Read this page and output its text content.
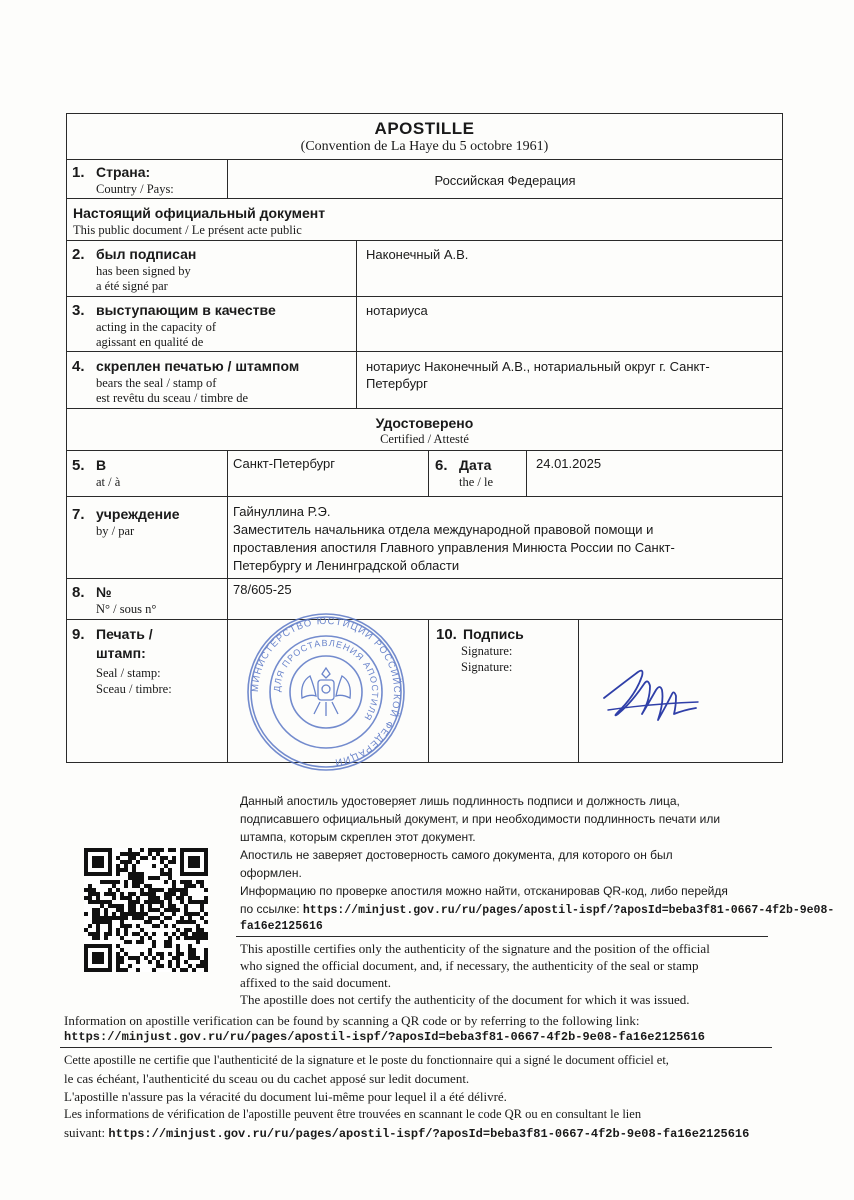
APOSTILLE
(Convention de La Haye du 5 octobre 1961)
1. Страна:
Country / Pays:
Российская Федерация
Настоящий официальный документ
This public document / Le présent acte public
2. был подписан
has been signed by
a été signé par
Наконечный А.В.
3. выступающим в качестве
acting in the capacity of
agissant en qualité de
нотариуса
4. скреплен печатью / штампом
bears the seal / stamp of
est revêtu du sceau / timbre de
нотариус Наконечный А.В., нотариальный округ г. Санкт-
Петербург
Удостоверено
Certified / Attesté
5. В
at / à
Санкт-Петербург	6. Дата
the / le
24.01.2025
7. учреждение
by / par
Гайнуллина Р.Э.
Заместитель начальника отдела международной правовой помощи и
проставления апостиля Главного управления Минюста России по Санкт-
Петербургу и Ленинградской области
8. №
N° / sous n°
78/605-25
9. Печать /
штамп:
Seal / stamp:
Sceau / timbre:	МИНИСТЕРСТВО ЮСТИЦИИ РОССИЙСКОЙ ФЕДЕРАЦИИ
ДЛЯ ПРОСТАВЛЕНИЯ АПОСТИЛЯ
10. Подпись
Signature:
Signature:
Данный апостиль удостоверяет лишь подлинность подписи и должность лица,
подписавшего официальный документ, и при необходимости подлинность печати или
штампа, которым скреплен этот документ.
Апостиль не заверяет достоверность самого документа, для которого он был
оформлен.
Информацию по проверке апостиля можно найти, отсканировав QR-код, либо перейдя
по ссылке: https://minjust.gov.ru/ru/pages/apostil-ispf/?aposId=beba3f81-0667-4f2b-9e08-
fa16e2125616
This apostille certifies only the authenticity of the signature and the position of the official
who signed the official document, and, if necessary, the authenticity of the seal or stamp
affixed to the said document.
The apostille does not certify the authenticity of the document for which it was issued.
Information on apostille verification can be found by scanning a QR code or by referring to the following link:
https://minjust.gov.ru/ru/pages/apostil-ispf/?aposId=beba3f81-0667-4f2b-9e08-fa16e2125616
Cette apostille ne certifie que l'authenticité de la signature et le poste du fonctionnaire qui a signé le document officiel et,
le cas échéant, l'authenticité du sceau ou du cachet apposé sur ledit document.
L'apostille n'assure pas la véracité du document lui-même pour lequel il a été délivré.
Les informations de vérification de l'apostille peuvent être trouvées en scannant le code QR ou en consultant le lien
suivant: https://minjust.gov.ru/ru/pages/apostil-ispf/?aposId=beba3f81-0667-4f2b-9e08-fa16e2125616
